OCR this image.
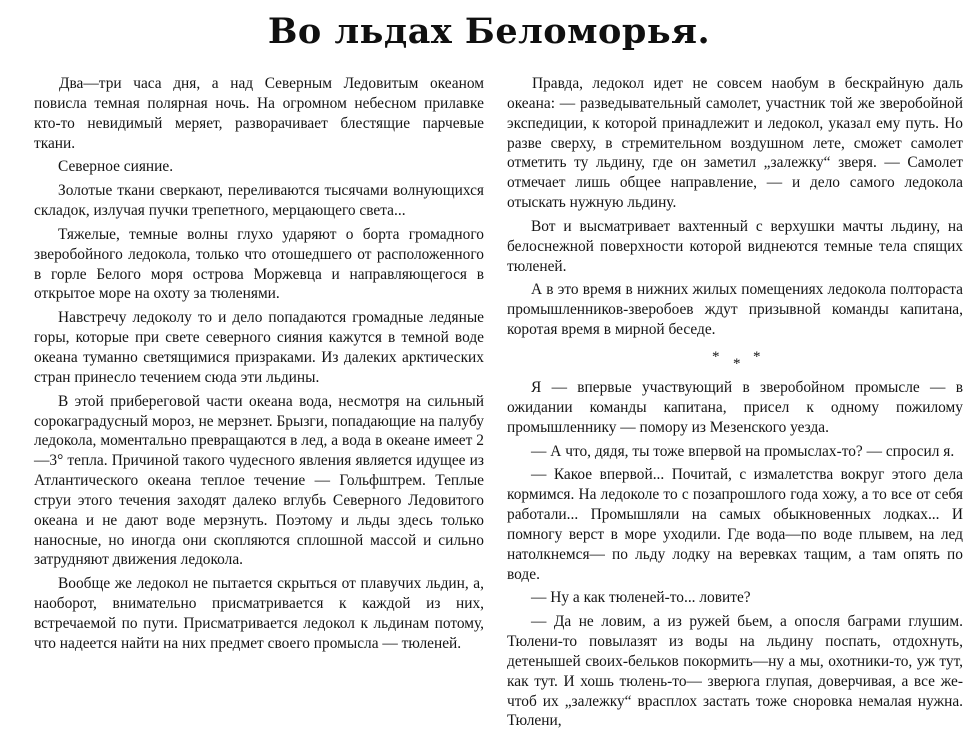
Во льдах Беломорья.

Два—три часа дня, а над Северным Ледовитым океаном повисла темная полярная ночь. На огромном небесном прилавке кто-то невидимый меряет, разворачивает блестящие парчевые ткани.

Северное сияние.

Золотые ткани сверкают, переливаются тысячами волнующихся складок, излучая пучки трепетного, мерцающего света...

Тяжелые, темные волны глухо ударяют о борта громадного зверобойного ледокола, только что отошедшего от расположенного в горле Белого моря острова Моржевца и направляющегося в открытое море на охоту за тюленями.

Навстречу ледоколу то и дело попадаются громадные ледяные горы, которые при свете северного сияния кажутся в темной воде океана туманно светящимися призраками. Из далеких арктических стран принесло течением сюда эти льдины.

В этой прибереговой части океана вода, несмотря на сильный сорокаградусный мороз, не мерзнет. Брызги, попадающие на палубу ледокола, моментально превращаются в лед, а вода в океане имеет 2—3° тепла. Причиной такого чудесного явления является идущее из Атлантического океана теплое течение — Гольфштрем. Теплые струи этого течения заходят далеко вглубь Северного Ледовитого океана и не дают воде мерзнуть. Поэтому и льды здесь только наносные, но иногда они скопляются сплошной массой и сильно затрудняют движения ледокола.

Вообще же ледокол не пытается скрыться от плавучих льдин, а, наоборот, внимательно присматривается к каждой из них, встречаемой по пути. Присматривается ледокол к льдинам потому, что надеется найти на них предмет своего промысла — тюленей.

Правда, ледокол идет не совсем наобум в бескрайную даль океана: — разведывательный самолет, участник той же зверобойной экспедиции, к которой принадлежит и ледокол, указал ему путь. Но разве сверху, в стремительном воздушном лете, сможет самолет отметить ту льдину, где он заметил „залежку“ зверя. — Самолет отмечает лишь общее направление, — и дело самого ледокола отыскать нужную льдину.

Вот и высматривает вахтенный с верхушки мачты льдину, на белоснежной поверхности которой виднеются темные тела спящих тюленей.

А в это время в нижних жилых помещениях ледокола полтораста промышленников-зверобоев ждут призывной команды капитана, коротая время в мирной беседе.

* * *

Я — впервые участвующий в зверобойном промысле — в ожидании команды капитана, присел к одному пожилому промышленнику — помору из Мезенского уезда.

— А что, дядя, ты тоже впервой на промыслах-то? — спросил я.

— Какое впервой... Почитай, с измалетства вокруг этого дела кормимся. На ледоколе то с позапрошлого года хожу, а то все от себя работали... Промышляли на самых обыкновенных лодках... И помногу верст в море уходили. Где вода—по воде плывем, на лед натолкнемся— по льду лодку на веревках тащим, а там опять по воде.

— Ну а как тюленей-то... ловите?

— Да не ловим, а из ружей бьем, а опосля баграми глушим. Тюлени-то повылазят из воды на льдину поспать, отдохнуть, детенышей своих-бельков покормить—ну а мы, охотники-то, уж тут, как тут. И хошь тюлень-то— зверюга глупая, доверчивая, а все же-чтоб их „залежку“ врасплох застать тоже сноровка немалая нужна. Тюлени,
